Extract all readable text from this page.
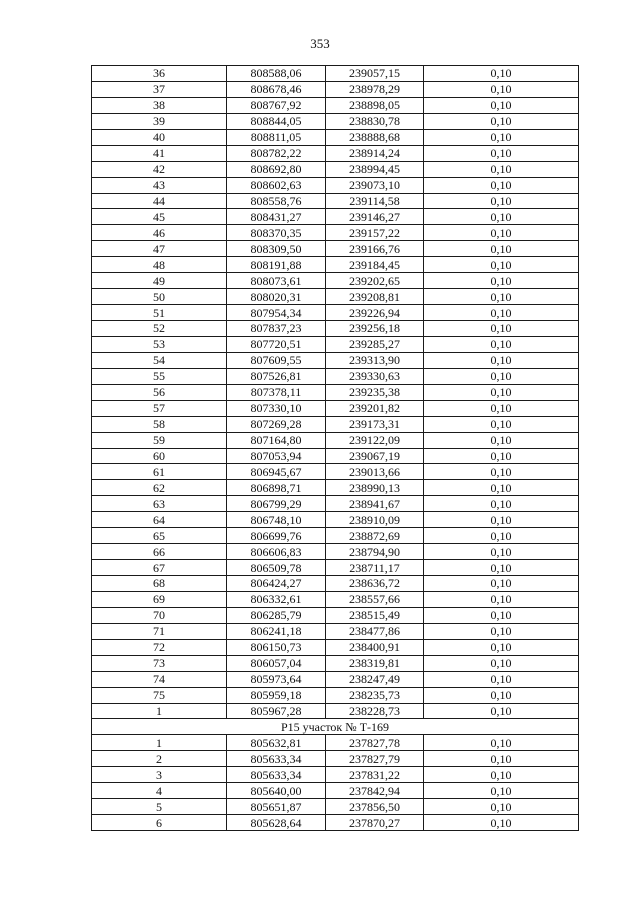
353
36	808588,06	239057,15	0,10
37	808678,46	238978,29	0,10
38	808767,92	238898,05	0,10
39	808844,05	238830,78	0,10
40	808811,05	238888,68	0,10
41	808782,22	238914,24	0,10
42	808692,80	238994,45	0,10
43	808602,63	239073,10	0,10
44	808558,76	239114,58	0,10
45	808431,27	239146,27	0,10
46	808370,35	239157,22	0,10
47	808309,50	239166,76	0,10
48	808191,88	239184,45	0,10
49	808073,61	239202,65	0,10
50	808020,31	239208,81	0,10
51	807954,34	239226,94	0,10
52	807837,23	239256,18	0,10
53	807720,51	239285,27	0,10
54	807609,55	239313,90	0,10
55	807526,81	239330,63	0,10
56	807378,11	239235,38	0,10
57	807330,10	239201,82	0,10
58	807269,28	239173,31	0,10
59	807164,80	239122,09	0,10
60	807053,94	239067,19	0,10
61	806945,67	239013,66	0,10
62	806898,71	238990,13	0,10
63	806799,29	238941,67	0,10
64	806748,10	238910,09	0,10
65	806699,76	238872,69	0,10
66	806606,83	238794,90	0,10
67	806509,78	238711,17	0,10
68	806424,27	238636,72	0,10
69	806332,61	238557,66	0,10
70	806285,79	238515,49	0,10
71	806241,18	238477,86	0,10
72	806150,73	238400,91	0,10
73	806057,04	238319,81	0,10
74	805973,64	238247,49	0,10
75	805959,18	238235,73	0,10
1	805967,28	238228,73	0,10
Р15 участок № Т-169			
1	805632,81	237827,78	0,10
2	805633,34	237827,79	0,10
3	805633,34	237831,22	0,10
4	805640,00	237842,94	0,10
5	805651,87	237856,50	0,10
6	805628,64	237870,27	0,10
